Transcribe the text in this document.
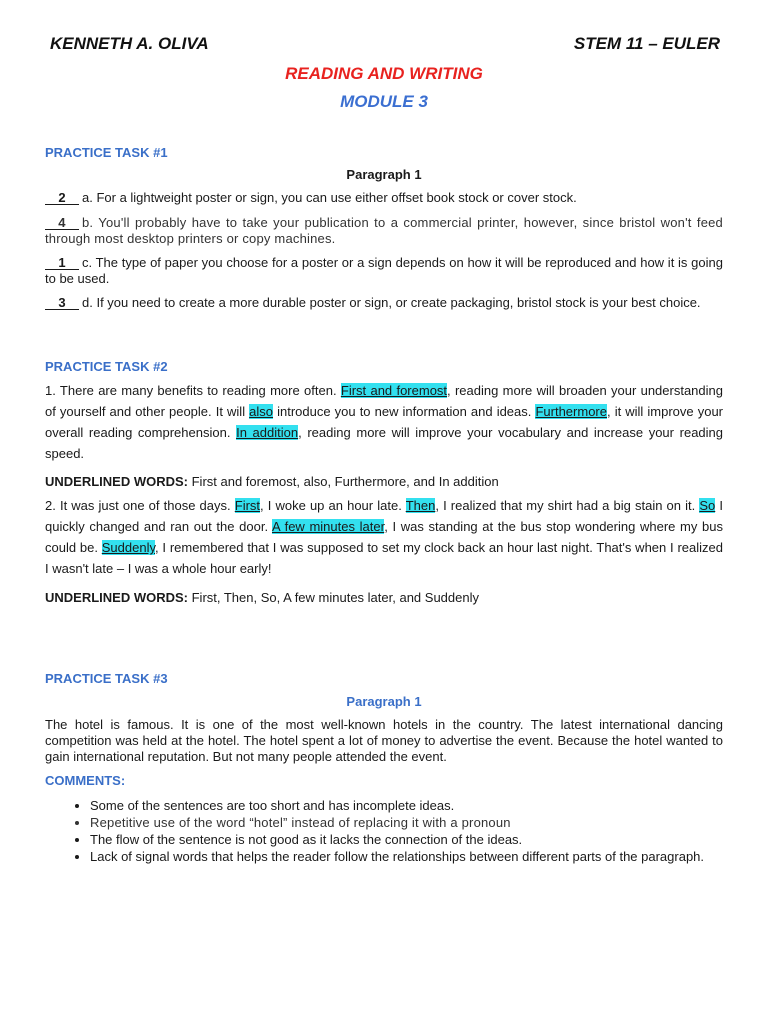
KENNETH A. OLIVA	STEM 11 – EULER
READING AND WRITING
MODULE 3
PRACTICE TASK #1
Paragraph 1
2 a. For a lightweight poster or sign, you can use either offset book stock or cover stock.
4 b. You'll probably have to take your publication to a commercial printer, however, since bristol won't feed through most desktop printers or copy machines.
1 c. The type of paper you choose for a poster or a sign depends on how it will be reproduced and how it is going to be used.
3 d. If you need to create a more durable poster or sign, or create packaging, bristol stock is your best choice.
PRACTICE TASK #2
1. There are many benefits to reading more often. First and foremost, reading more will broaden your understanding of yourself and other people. It will also introduce you to new information and ideas. Furthermore, it will improve your overall reading comprehension. In addition, reading more will improve your vocabulary and increase your reading speed.
UNDERLINED WORDS: First and foremost, also, Furthermore, and In addition
2. It was just one of those days. First, I woke up an hour late. Then, I realized that my shirt had a big stain on it. So I quickly changed and ran out the door. A few minutes later, I was standing at the bus stop wondering where my bus could be. Suddenly, I remembered that I was supposed to set my clock back an hour last night. That's when I realized I wasn't late – I was a whole hour early!
UNDERLINED WORDS: First, Then, So, A few minutes later, and Suddenly
PRACTICE TASK #3
Paragraph 1
The hotel is famous. It is one of the most well-known hotels in the country. The latest international dancing competition was held at the hotel. The hotel spent a lot of money to advertise the event. Because the hotel wanted to gain international reputation. But not many people attended the event.
COMMENTS:
• Some of the sentences are too short and has incomplete ideas.
• Repetitive use of the word “hotel” instead of replacing it with a pronoun
• The flow of the sentence is not good as it lacks the connection of the ideas.
• Lack of signal words that helps the reader follow the relationships between different parts of the paragraph.
